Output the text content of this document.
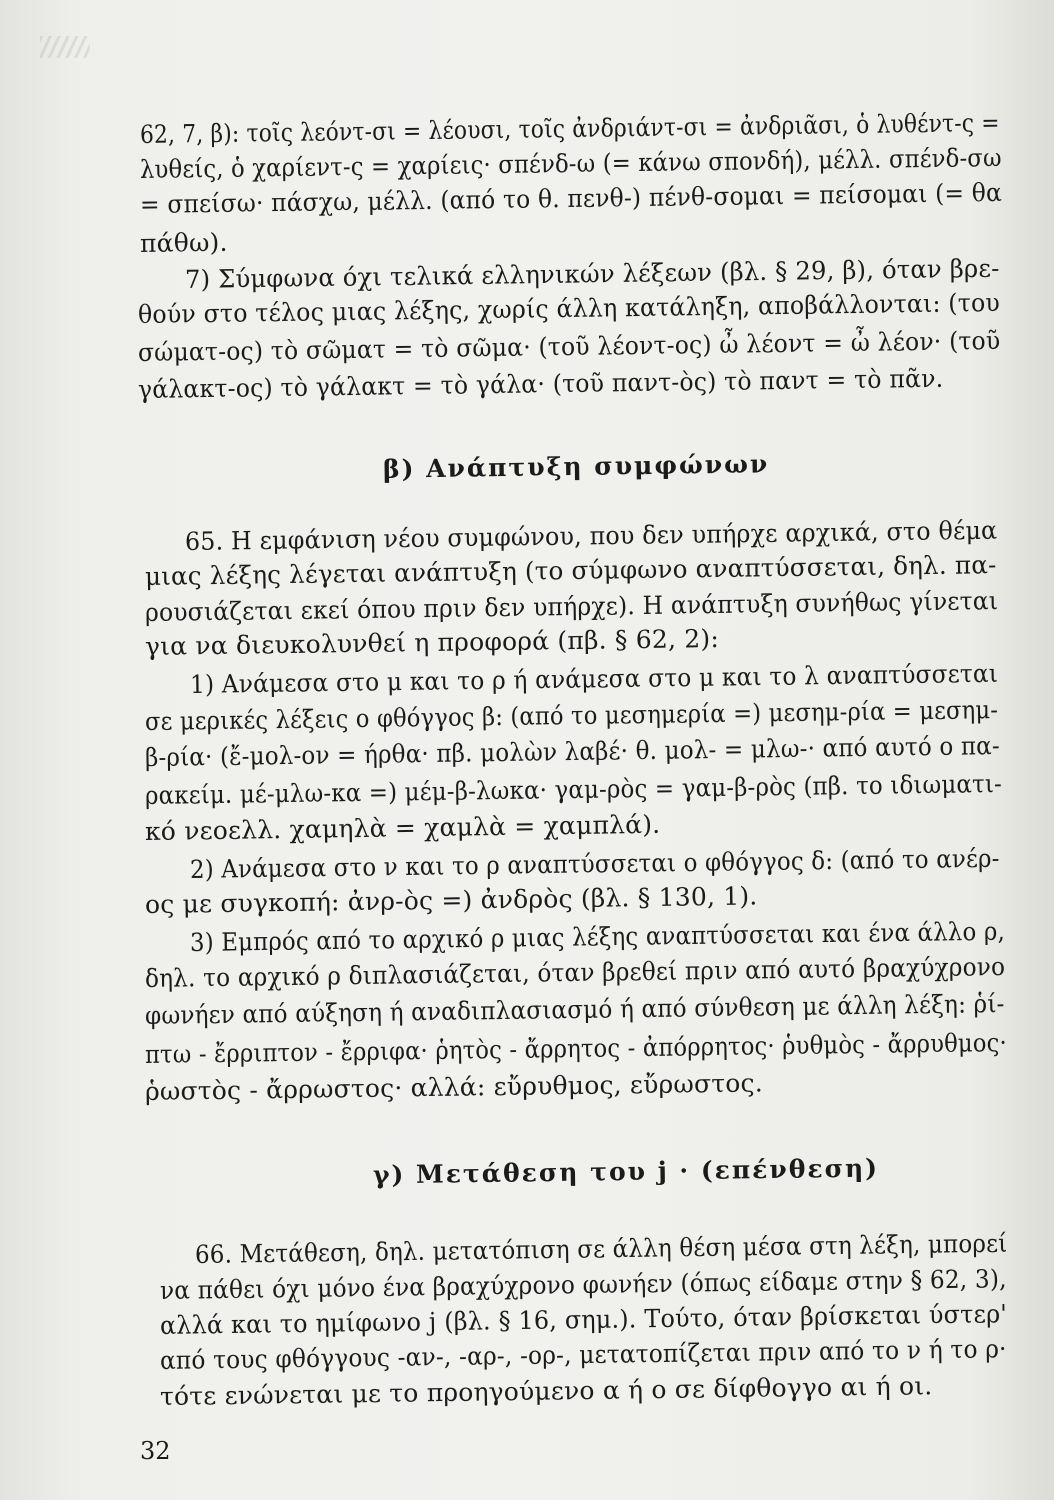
62, 7, β): τοῖς λεόντ-σι = λέουσι, τοῖς ἀνδριάντ-σι = ἀνδριᾶσι, ὁ λυθέντ-ς =
λυθείς, ὁ χαρίεντ-ς = χαρίεις· σπένδ-ω (= κάνω σπονδή), μέλλ. σπένδ-σω
= σπείσω· πάσχω, μέλλ. (από το θ. πενθ-) πένθ-σομαι = πείσομαι (= θα
πάθω).
7) Σύμφωνα όχι τελικά ελληνικών λέξεων (βλ. § 29, β), όταν βρε-
θούν στο τέλος μιας λέξης, χωρίς άλλη κατάληξη, αποβάλλονται: (του
σώματ-ος) τὸ σῶματ = τὸ σῶμα· (τοῦ λέοντ-ος) ὦ λέοντ = ὦ λέον· (τοῦ
γάλακτ-ος) τὸ γάλακτ = τὸ γάλα· (τοῦ παντ-ὸς) τὸ παντ = τὸ πᾶν.
65. Η εμφάνιση νέου συμφώνου, που δεν υπήρχε αρχικά, στο θέμα
μιας λέξης λέγεται ανάπτυξη (το σύμφωνο αναπτύσσεται, δηλ. πα-
ρουσιάζεται εκεί όπου πριν δεν υπήρχε). Η ανάπτυξη συνήθως γίνεται
για να διευκολυνθεί η προφορά (πβ. § 62, 2):
1) Ανάμεσα στο μ και το ρ ή ανάμεσα στο μ και το λ αναπτύσσεται
σε μερικές λέξεις ο φθόγγος β: (από το μεσημερία =) μεσημ-ρία = μεσημ-
β-ρία· (ἔ-μολ-ον = ήρθα· πβ. μολὼν λαβέ· θ. μολ- = μλω-· από αυτό ο πα-
ρακείμ. μέ-μλω-κα =) μέμ-β-λωκα· γαμ-ρὸς = γαμ-β-ρὸς (πβ. το ιδιωματι-
κό νεοελλ. χαμηλὰ = χαμλὰ = χαμπλά).
2) Ανάμεσα στο ν και το ρ αναπτύσσεται ο φθόγγος δ: (από το ανέρ-
ος με συγκοπή: ἀνρ-ὸς =) ἀνδρὸς (βλ. § 130, 1).
3) Εμπρός από το αρχικό ρ μιας λέξης αναπτύσσεται και ένα άλλο ρ,
δηλ. το αρχικό ρ διπλασιάζεται, όταν βρεθεί πριν από αυτό βραχύχρονο
φωνήεν από αύξηση ή αναδιπλασιασμό ή από σύνθεση με άλλη λέξη: ῥί-
πτω - ἔρριπτον - ἔρριφα· ῥητὸς - ἄρρητος - ἀπόρρητος· ῥυθμὸς - ἄρρυθμος·
ῥωστὸς - ἄρρωστος· αλλά: εὔρυθμος, εὔρωστος.
66. Μετάθεση, δηλ. μετατόπιση σε άλλη θέση μέσα στη λέξη, μπορεί
να πάθει όχι μόνο ένα βραχύχρονο φωνήεν (όπως είδαμε στην § 62, 3),
αλλά και το ημίφωνο j (βλ. § 16, σημ.). Τούτο, όταν βρίσκεται ύστερ'
από τους φθόγγους -αν-, -αρ-, -ορ-, μετατοπίζεται πριν από το ν ή το ρ·
τότε ενώνεται με το προηγούμενο α ή ο σε δίφθογγο αι ή οι.
β) Ανάπτυξη συμφώνων
γ) Μετάθεση του j · (επένθεση)
32
